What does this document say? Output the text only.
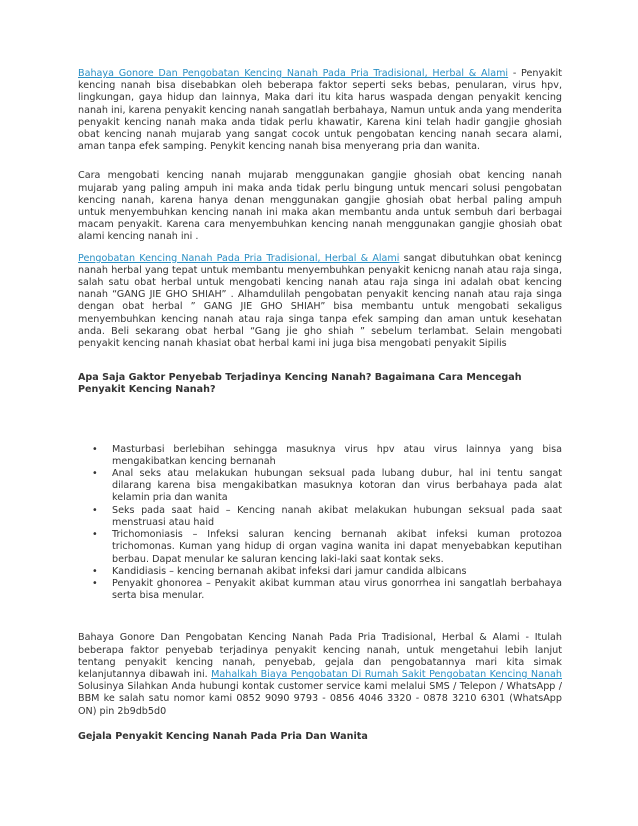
Bahaya Gonore Dan Pengobatan Kencing Nanah Pada Pria Tradisional, Herbal & Alami - Penyakit kencing nanah bisa disebabkan oleh beberapa faktor seperti seks bebas, penularan, virus hpv, lingkungan, gaya hidup dan lainnya, Maka dari itu kita harus waspada dengan penyakit kencing nanah ini, karena penyakit kencing nanah sangatlah berbahaya, Namun untuk anda yang menderita penyakit kencing nanah maka anda tidak perlu khawatir, Karena kini telah hadir gangjie ghosiah obat kencing nanah mujarab yang sangat cocok untuk pengobatan kencing nanah secara alami, aman tanpa efek samping. Penykit kencing nanah bisa menyerang pria dan wanita.

Cara mengobati kencing nanah mujarab menggunakan gangjie ghosiah obat kencing nanah mujarab yang paling ampuh ini maka anda tidak perlu bingung untuk mencari solusi pengobatan kencing nanah, karena hanya denan menggunakan gangjie ghosiah obat herbal paling ampuh untuk menyembuhkan kencing nanah ini maka akan membantu anda untuk sembuh dari berbagai macam penyakit. Karena cara menyembuhkan kencing nanah menggunakan gangjie ghosiah obat alami kencing nanah ini .

Pengobatan Kencing Nanah Pada Pria Tradisional, Herbal & Alami sangat dibutuhkan obat kenincg nanah herbal yang tepat untuk membantu menyembuhkan penyakit kenicng nanah atau raja singa, salah satu obat herbal untuk mengobati kencing nanah atau raja singa ini adalah obat kencing nanah “GANG JIE GHO SHIAH” . Alhamdulilah pengobatan penyakit kencing nanah atau raja singa dengan obat herbal ” GANG JIE GHO SHIAH” bisa membantu untuk mengobati sekaligus menyembuhkan kencing nanah atau raja singa tanpa efek samping dan aman untuk kesehatan anda. Beli sekarang obat herbal “Gang jie gho shiah ” sebelum terlambat. Selain mengobati penyakit kencing nanah khasiat obat herbal kami ini juga bisa mengobati penyakit Sipilis

Apa Saja Gaktor Penyebab Terjadinya Kencing Nanah? Bagaimana Cara Mencegah Penyakit Kencing Nanah?

• Masturbasi berlebihan sehingga masuknya virus hpv atau virus lainnya yang bisa mengakibatkan kencing bernanah
• Anal seks atau melakukan hubungan seksual pada lubang dubur, hal ini tentu sangat dilarang karena bisa mengakibatkan masuknya kotoran dan virus berbahaya pada alat kelamin pria dan wanita
• Seks pada saat haid – Kencing nanah akibat melakukan hubungan seksual pada saat menstruasi atau haid
• Trichomoniasis – Infeksi saluran kencing bernanah akibat infeksi kuman protozoa trichomonas. Kuman yang hidup di organ vagina wanita ini dapat menyebabkan keputihan berbau. Dapat menular ke saluran kencing laki-laki saat kontak seks.
• Kandidiasis – kencing bernanah akibat infeksi dari jamur candida albicans
• Penyakit ghonorea – Penyakit akibat kumman atau virus gonorrhea ini sangatlah berbahaya serta bisa menular.

Bahaya Gonore Dan Pengobatan Kencing Nanah Pada Pria Tradisional, Herbal & Alami - Itulah beberapa faktor penyebab terjadinya penyakit kencing nanah, untuk mengetahui lebih lanjut tentang penyakit kencing nanah, penyebab, gejala dan pengobatannya mari kita simak kelanjutannya dibawah ini. Mahalkah Biaya Pengobatan Di Rumah Sakit Pengobatan Kencing Nanah Solusinya Silahkan Anda hubungi kontak customer service kami melalui SMS / Telepon / WhatsApp / BBM ke salah satu nomor kami 0852 9090 9793 - 0856 4046 3320 - 0878 3210 6301 (WhatsApp ON) pin 2b9db5d0

Gejala Penyakit Kencing Nanah Pada Pria Dan Wanita
